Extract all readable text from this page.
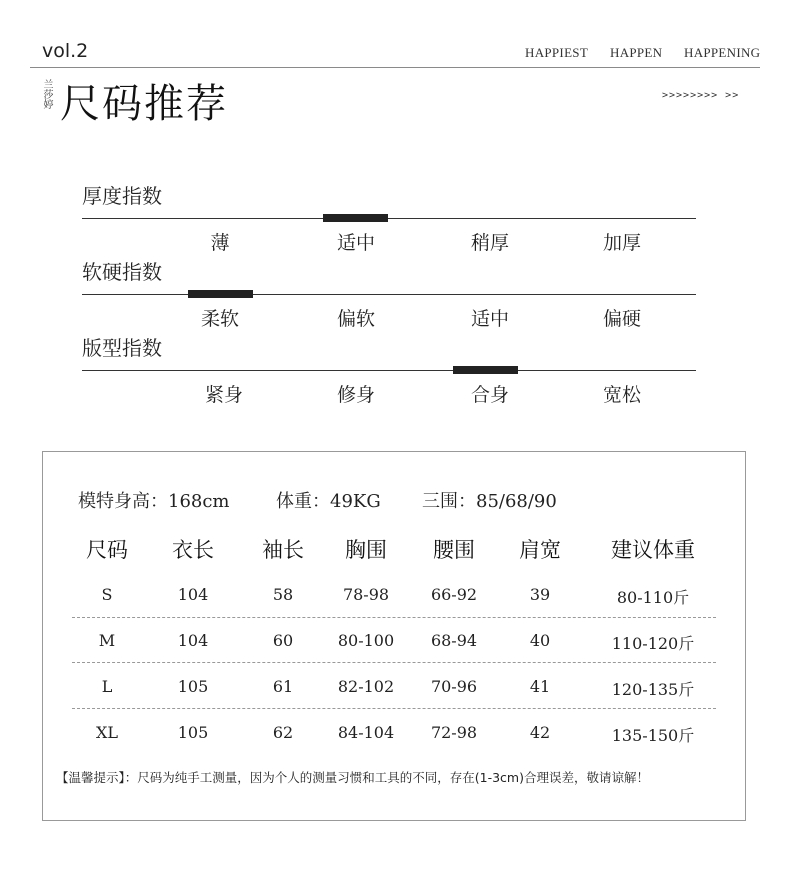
vol.2	HAPPIEST HAPPEN HAPPENING
兰莎婷 尺码推荐	>>>>>>>> >>
厚度指数
薄	适中	稍厚	加厚
软硬指数
柔软	偏软	适中	偏硬
版型指数
紧身	修身	合身	宽松
模特身高：168cm	体重：49KG 三围：85/68/90
尺码	衣长	袖长	胸围	腰围	肩宽	建议体重
S	104	58	78-98	66-92	39	80-110斤
M	104	60	80-100	68-94	40	110-120斤
L	105	61	82-102	70-96	41	120-135斤
XL	105	62	84-104	72-98	42	135-150斤
【温馨提示】：尺码为纯手工测量，因为个人的测量习惯和工具的不同，存在(1-3cm)合理误差，敬请谅解！
